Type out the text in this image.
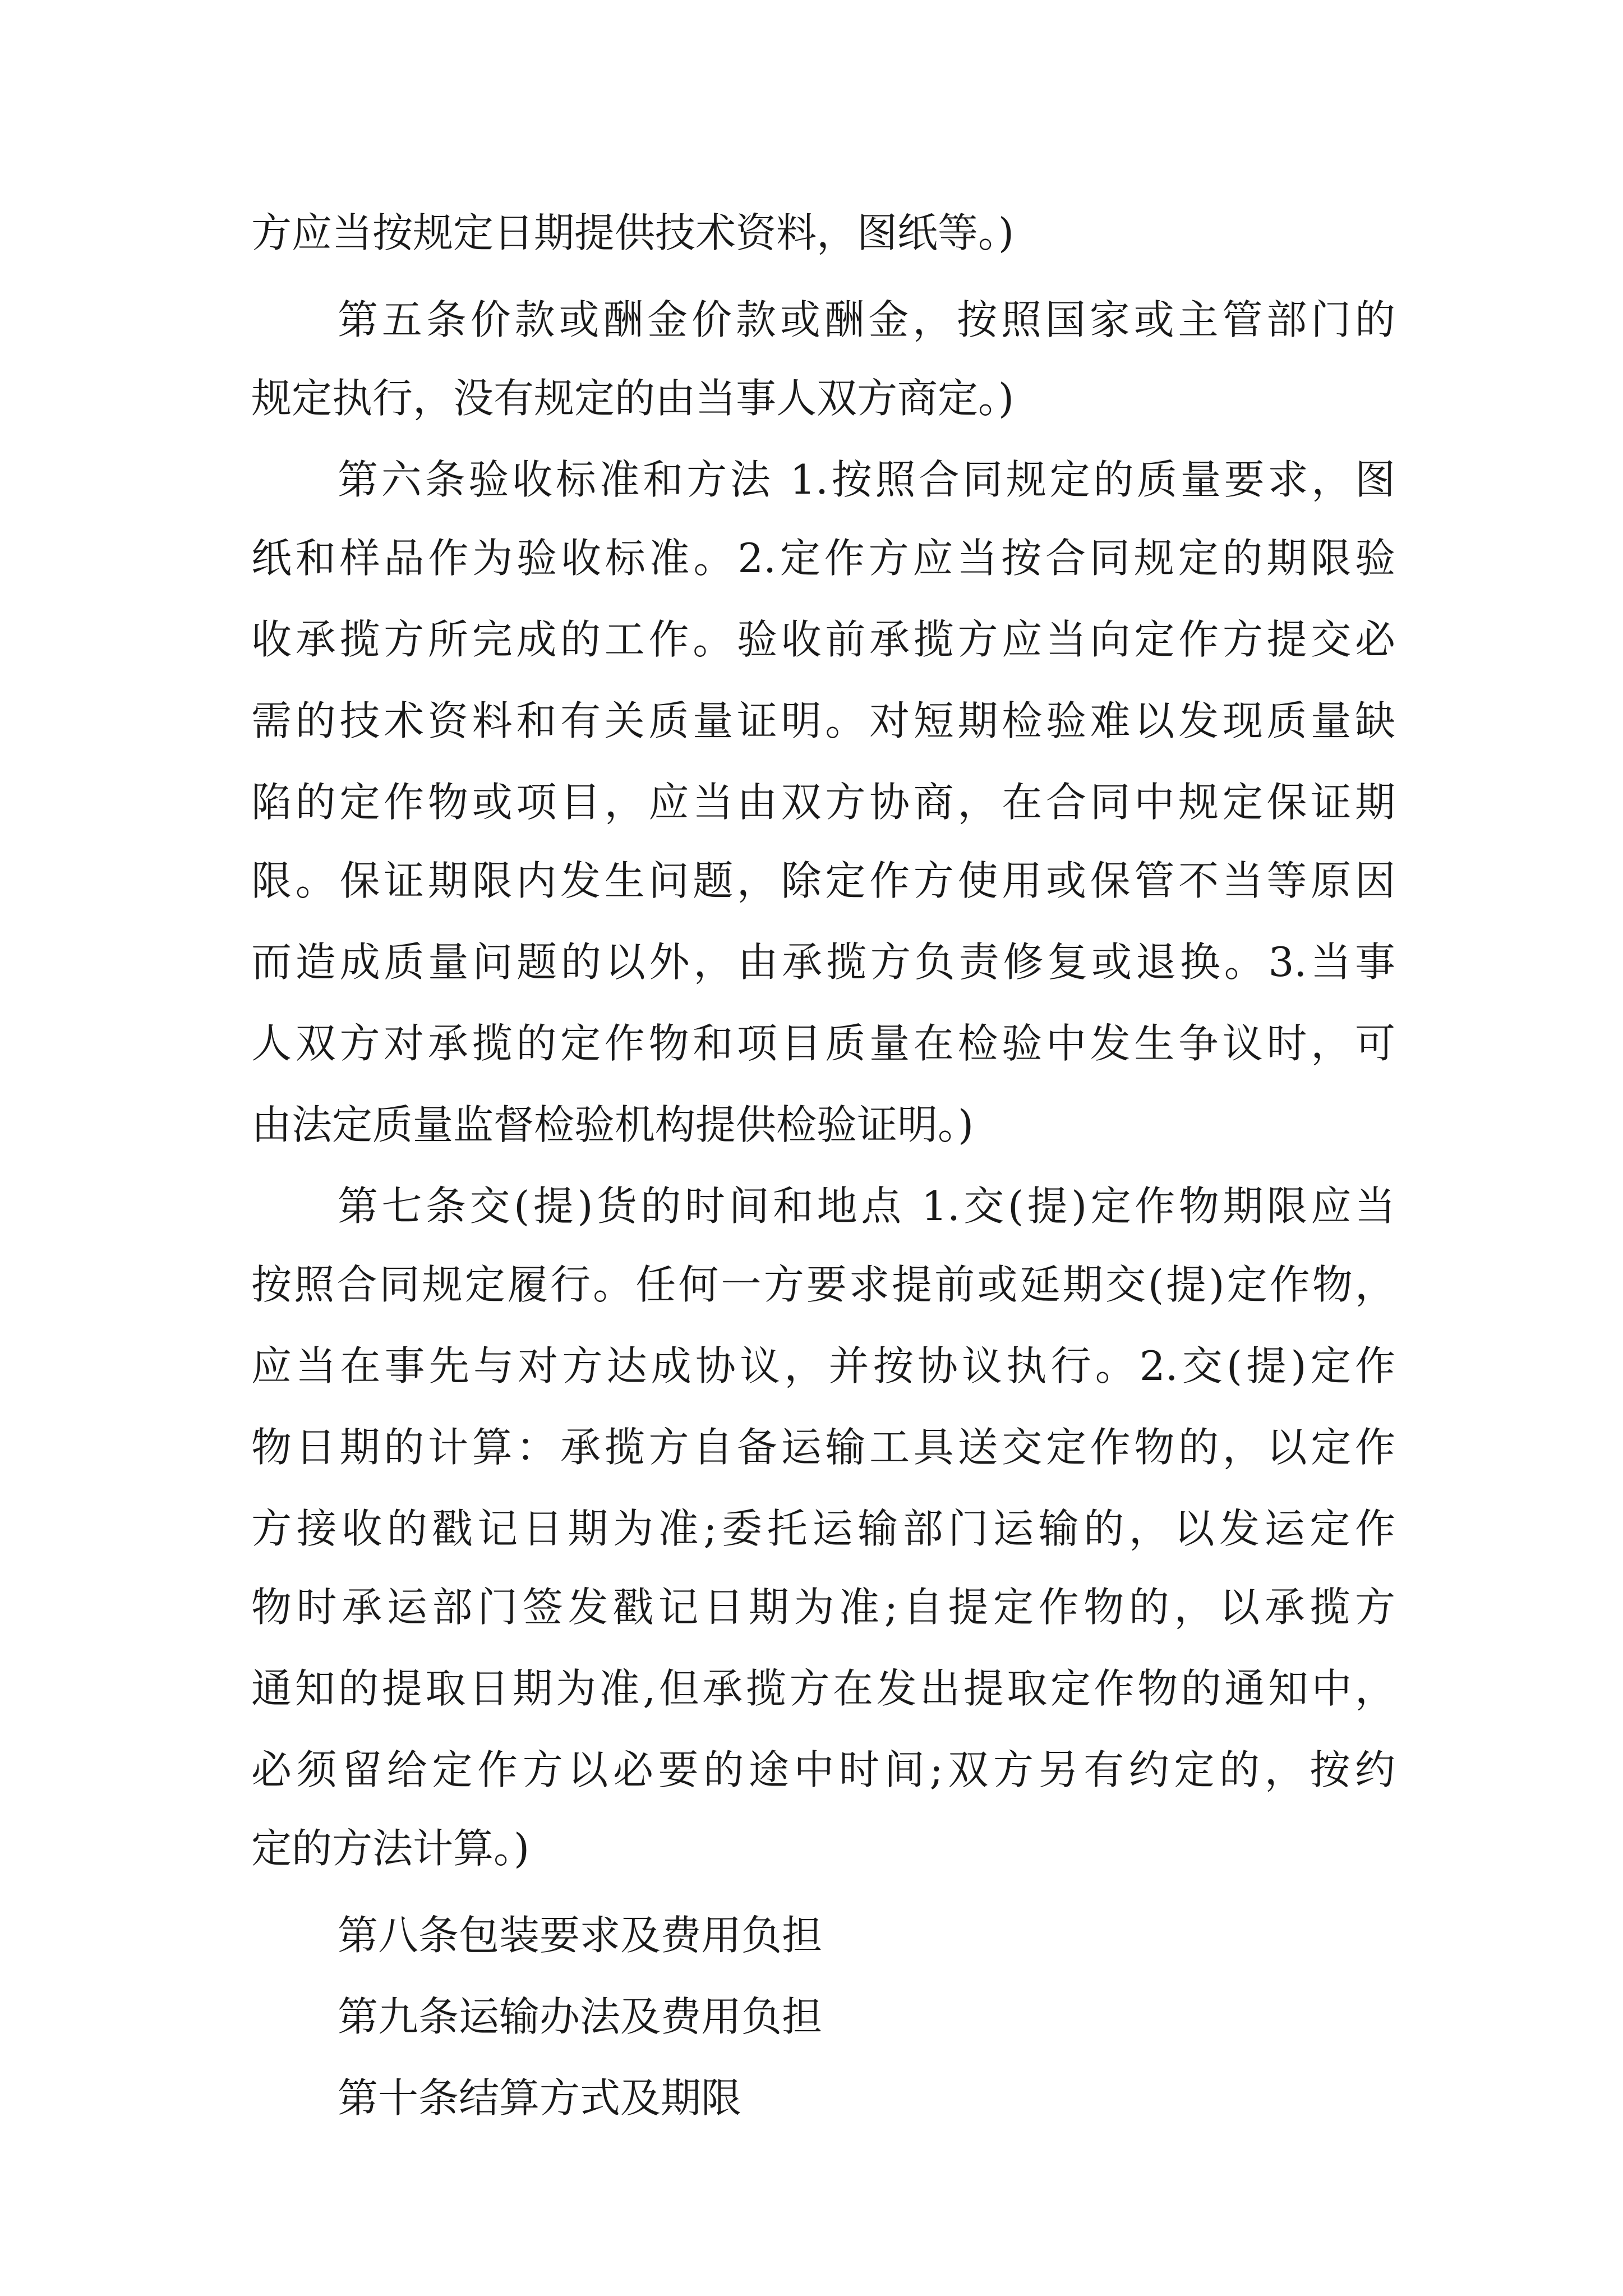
方应当按规定日期提供技术资料，图纸等。)
第五条价款或酬金价款或酬金，按照国家或主管部门的
规定执行，没有规定的由当事人双方商定。)
第六条验收标准和方法 1.按照合同规定的质量要求，图
纸和样品作为验收标准。2.定作方应当按合同规定的期限验
收承揽方所完成的工作。验收前承揽方应当向定作方提交必
需的技术资料和有关质量证明。对短期检验难以发现质量缺
陷的定作物或项目，应当由双方协商，在合同中规定保证期
限。保证期限内发生问题，除定作方使用或保管不当等原因
而造成质量问题的以外，由承揽方负责修复或退换。3.当事
人双方对承揽的定作物和项目质量在检验中发生争议时，可
由法定质量监督检验机构提供检验证明。)
第七条交(提)货的时间和地点 1.交(提)定作物期限应当
按照合同规定履行。任何一方要求提前或延期交(提)定作物，
应当在事先与对方达成协议，并按协议执行。2.交(提)定作
物日期的计算：承揽方自备运输工具送交定作物的，以定作
方接收的戳记日期为准;委托运输部门运输的，以发运定作
物时承运部门签发戳记日期为准;自提定作物的，以承揽方
通知的提取日期为准,但承揽方在发出提取定作物的通知中，
必须留给定作方以必要的途中时间;双方另有约定的，按约
定的方法计算。)
第八条包装要求及费用负担
第九条运输办法及费用负担
第十条结算方式及期限
